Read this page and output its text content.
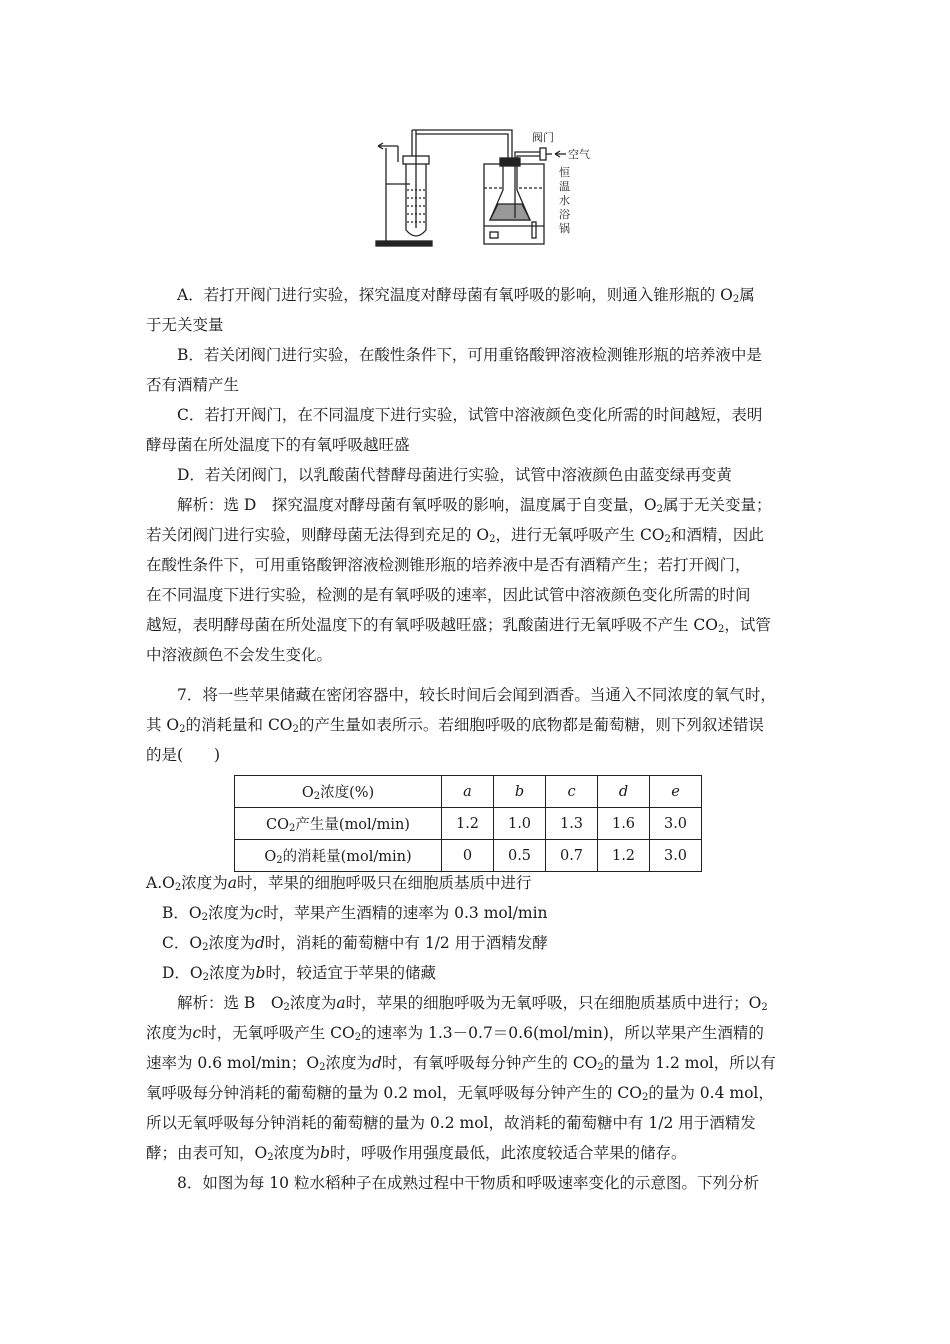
阀门
空气
恒
温
水
浴
锅

A．若打开阀门进行实验，探究温度对酵母菌有氧呼吸的影响，则通入锥形瓶的 $O_2$属

于无关变量

B．若关闭阀门进行实验，在酸性条件下，可用重铬酸钾溶液检测锥形瓶的培养液中是

否有酒精产生

C．若打开阀门，在不同温度下进行实验，试管中溶液颜色变化所需的时间越短，表明

酵母菌在所处温度下的有氧呼吸越旺盛

D．若关闭阀门，以乳酸菌代替酵母菌进行实验，试管中溶液颜色由蓝变绿再变黄

解析：选 D　探究温度对酵母菌有氧呼吸的影响，温度属于自变量，$O_2$属于无关变量；

若关闭阀门进行实验，则酵母菌无法得到充足的 $O_2$，进行无氧呼吸产生 $CO_2$和酒精，因此

在酸性条件下，可用重铬酸钾溶液检测锥形瓶的培养液中是否有酒精产生；若打开阀门，

在不同温度下进行实验，检测的是有氧呼吸的速率，因此试管中溶液颜色变化所需的时间

越短，表明酵母菌在所处温度下的有氧呼吸越旺盛；乳酸菌进行无氧呼吸不产生 $CO_2$，试管

中溶液颜色不会发生变化。

7．将一些苹果储藏在密闭容器中，较长时间后会闻到酒香。当通入不同浓度的氧气时，

其 $O_2$的消耗量和 $CO_2$的产生量如表所示。若细胞呼吸的底物都是葡萄糖，则下列叙述错误

的是(　　)

$O_2$浓度(%)	a	b	c	d	e
$CO_2$产生量(mol/min)	1.2	1.0	1.3	1.6	3.0
$O_2$的消耗量(mol/min)	0	0.5	0.7	1.2	3.0

$A.O_2$浓度为a时，苹果的细胞呼吸只在细胞质基质中进行

B．$O_2$浓度为c时，苹果产生酒精的速率为 0.3 mol/min

C．$O_2$浓度为d时，消耗的葡萄糖中有 1/2 用于酒精发酵

D．$O_2$浓度为b时，较适宜于苹果的储藏

解析：选 B　$O_2$浓度为a时，苹果的细胞呼吸为无氧呼吸，只在细胞质基质中进行；$O_2$

浓度为c时，无氧呼吸产生 $CO_2$的速率为 1.3－0.7＝0.6(mol/min)，所以苹果产生酒精的

速率为 0.6 mol/min；$O_2$浓度为d时，有氧呼吸每分钟产生的 $CO_2$的量为 1.2 mol，所以有

氧呼吸每分钟消耗的葡萄糖的量为 0.2 mol，无氧呼吸每分钟产生的 $CO_2$的量为 0.4 mol，

所以无氧呼吸每分钟消耗的葡萄糖的量为 0.2 mol，故消耗的葡萄糖中有 1/2 用于酒精发

酵；由表可知，$O_2$浓度为b时，呼吸作用强度最低，此浓度较适合苹果的储存。

8．如图为每 10 粒水稻种子在成熟过程中干物质和呼吸速率变化的示意图。下列分析
